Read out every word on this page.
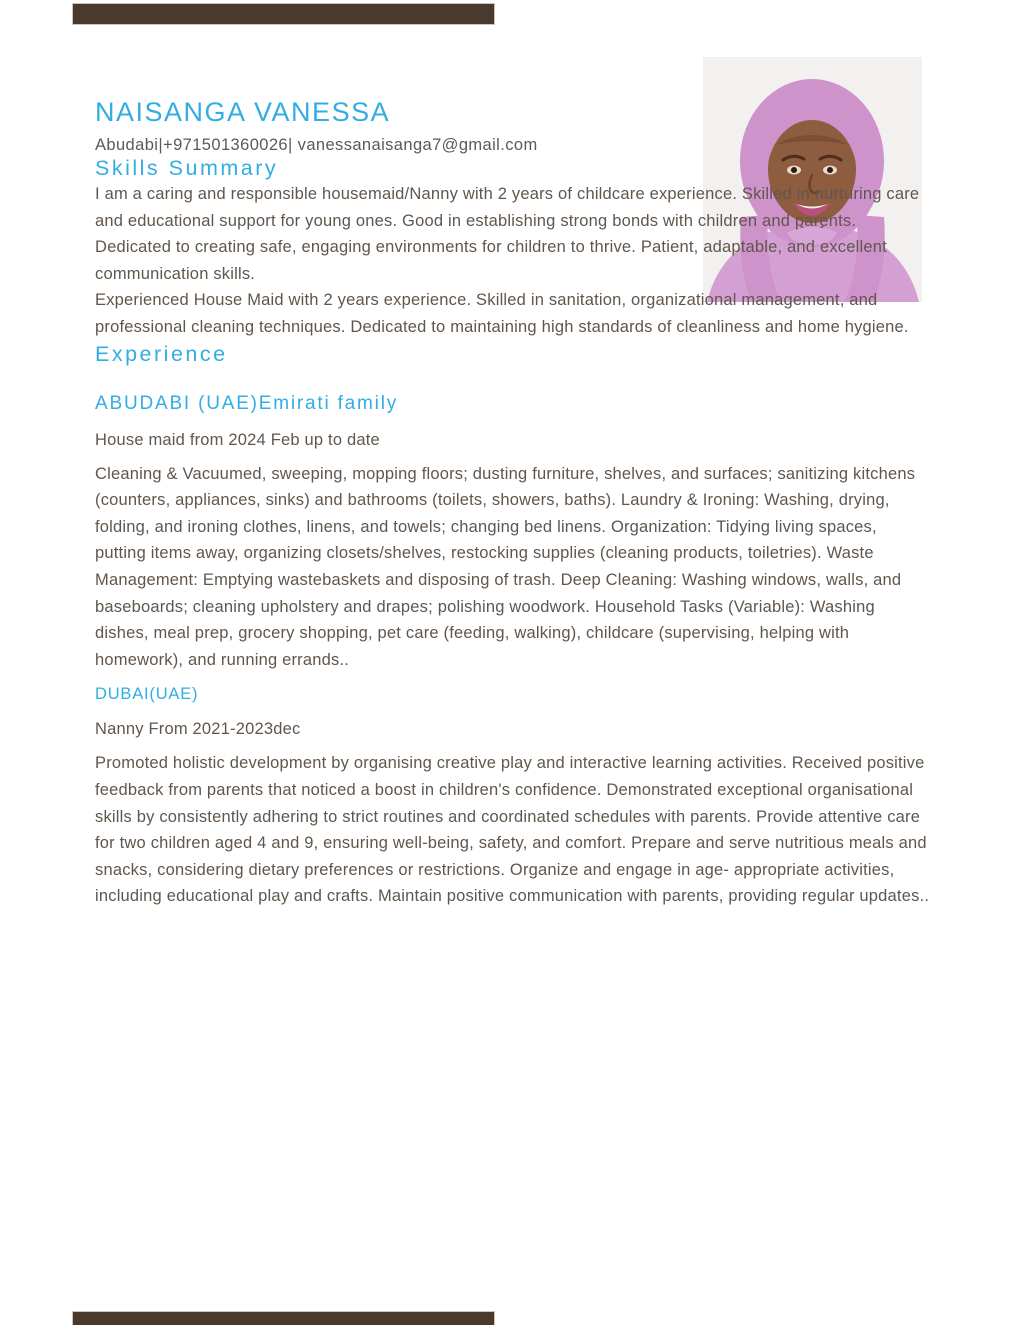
NAISANGA VANESSA

Abudabi|+971501360026| vanessanaisanga7@gmail.com

Skills Summary

I am a caring and responsible housemaid/Nanny with 2 years of childcare experience. Skilled in nurturing care and educational support for young ones. Good in establishing strong bonds with children and parents. Dedicated to creating safe, engaging environments for children to thrive. Patient, adaptable, and excellent communication skills.

Experienced House Maid with 2 years experience. Skilled in sanitation, organizational management, and professional cleaning techniques. Dedicated to maintaining high standards of cleanliness and home hygiene.

Experience
ABUDABI (UAE)Emirati family

House maid from 2024 Feb up to date

Cleaning & Vacuumed, sweeping, mopping floors; dusting furniture, shelves, and surfaces; sanitizing kitchens (counters, appliances, sinks) and bathrooms (toilets, showers, baths). Laundry & Ironing: Washing, drying, folding, and ironing clothes, linens, and towels; changing bed linens. Organization: Tidying living spaces, putting items away, organizing closets/shelves, restocking supplies (cleaning products, toiletries). Waste Management: Emptying wastebaskets and disposing of trash. Deep Cleaning: Washing windows, walls, and baseboards; cleaning upholstery and drapes; polishing woodwork. Household Tasks (Variable): Washing dishes, meal prep, grocery shopping, pet care (feeding, walking), childcare (supervising, helping with homework), and running errands..

DUBAI(UAE)

Nanny From 2021-2023dec

Promoted holistic development by organising creative play and interactive learning activities. Received positive feedback from parents that noticed a boost in children's confidence. Demonstrated exceptional organisational skills by consistently adhering to strict routines and coordinated schedules with parents. Provide attentive care for two children aged 4 and 9, ensuring well-being, safety, and comfort. Prepare and serve nutritious meals and snacks, considering dietary preferences or restrictions. Organize and engage in age- appropriate activities, including educational play and crafts. Maintain positive communication with parents, providing regular updates..
